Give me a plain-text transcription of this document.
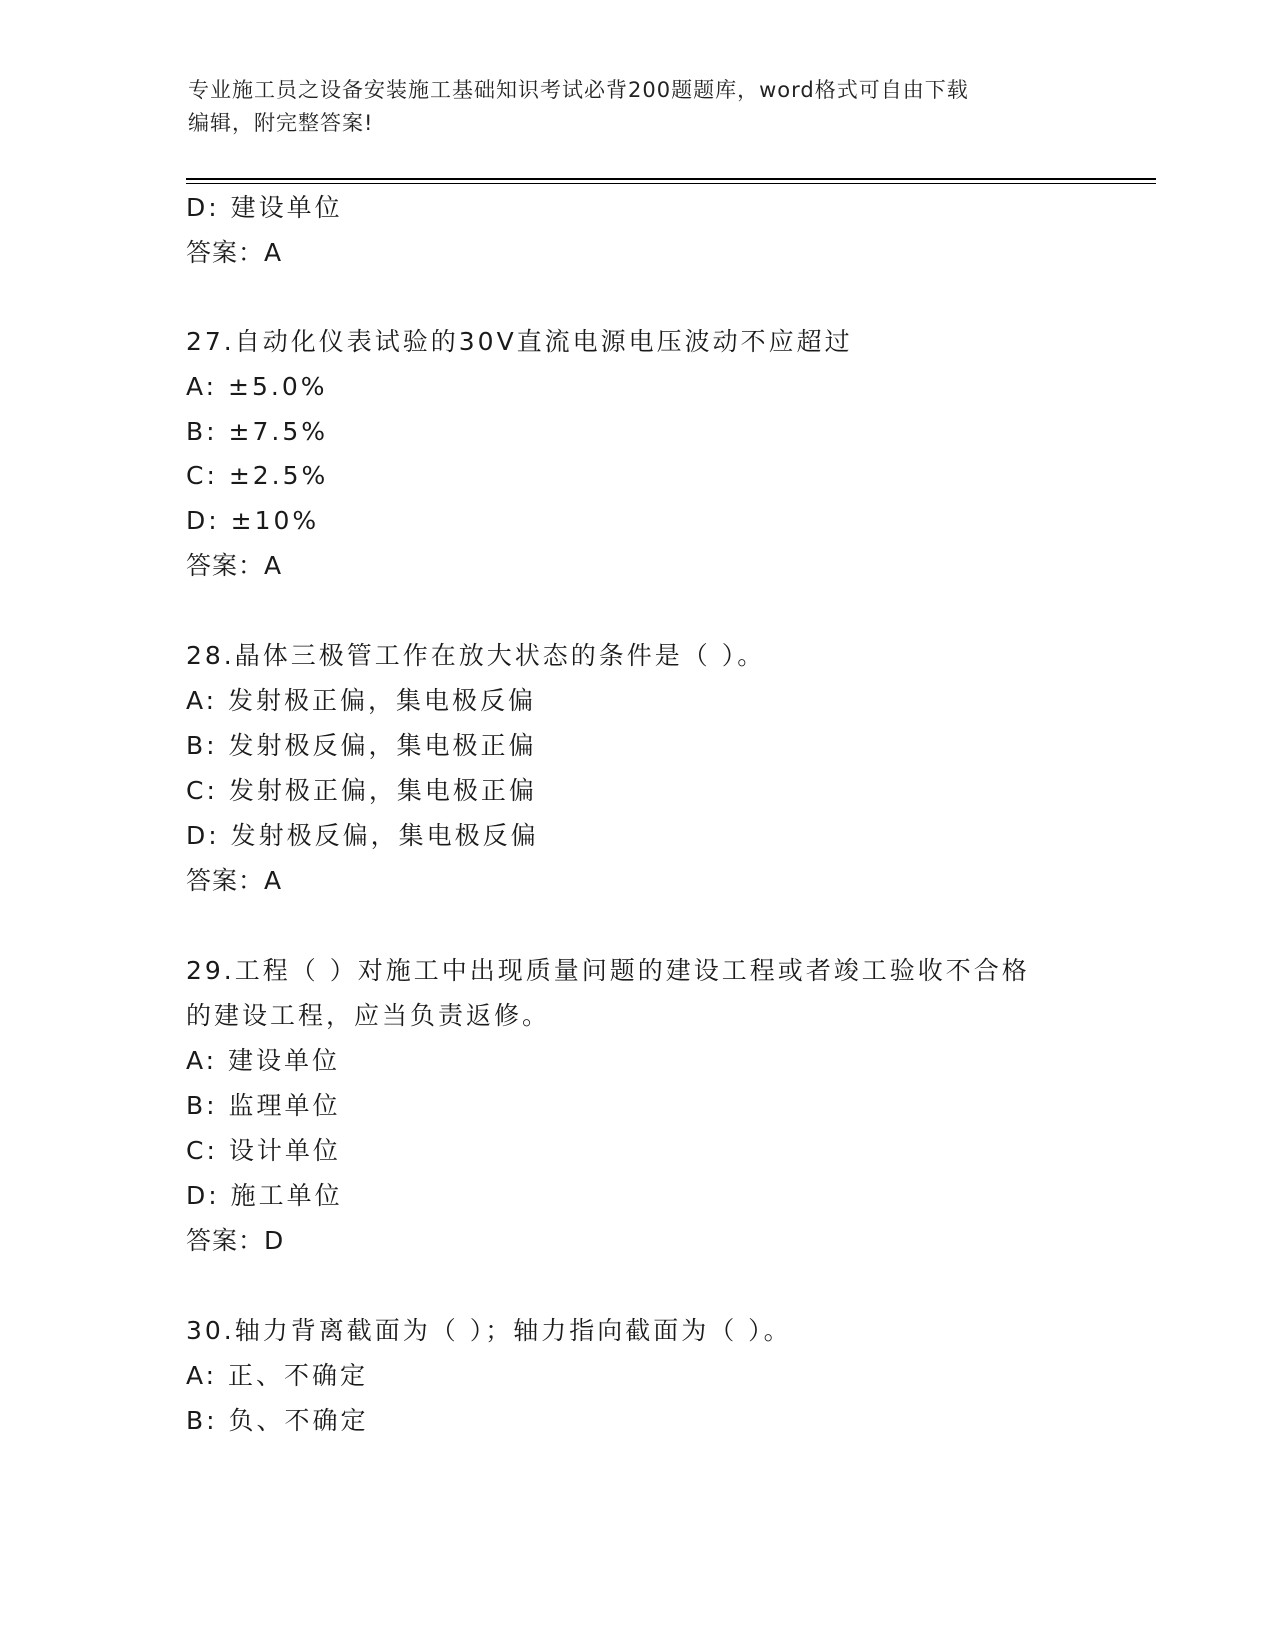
专业施工员之设备安装施工基础知识考试必背200题题库，word格式可自由下载
编辑，附完整答案!
D: 建设单位
答案：A
27.自动化仪表试验的30V直流电源电压波动不应超过
A: ±5.0%
B: ±7.5%
C: ±2.5%
D: ±10%
答案：A
28.晶体三极管工作在放大状态的条件是（ ）。
A: 发射极正偏，集电极反偏
B: 发射极反偏，集电极正偏
C: 发射极正偏，集电极正偏
D: 发射极反偏，集电极反偏
答案：A
29.工程（ ）对施工中出现质量问题的建设工程或者竣工验收不合格
的建设工程，应当负责返修。
A: 建设单位
B: 监理单位
C: 设计单位
D: 施工单位
答案：D
30.轴力背离截面为（ ）；轴力指向截面为（ ）。
A: 正、不确定
B: 负、不确定
